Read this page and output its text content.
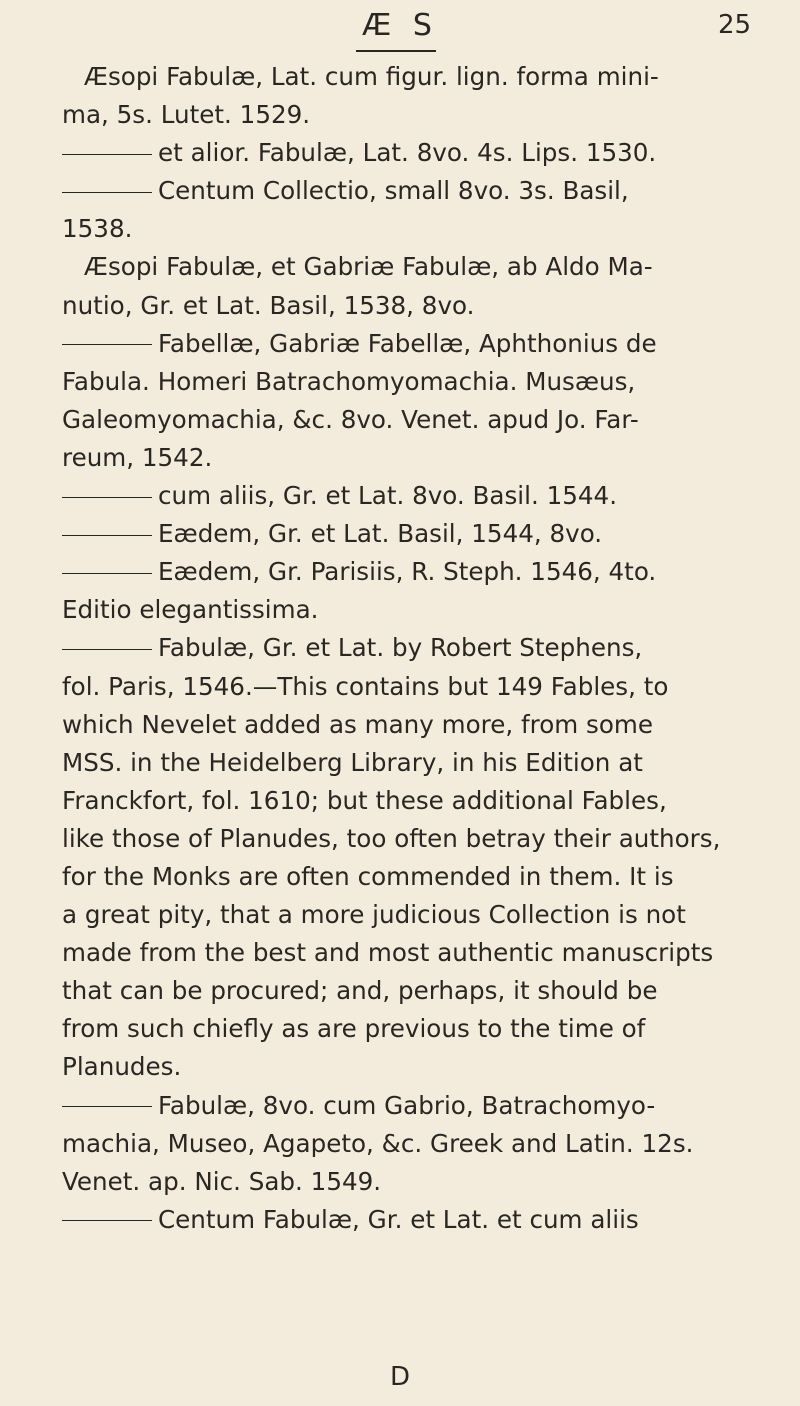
Æ S	25
Æsopi Fabulæ, Lat. cum figur. lign. forma mini-
ma, 5s. Lutet. 1529.
et alior. Fabulæ, Lat. 8vo. 4s. Lips. 1530.
Centum Collectio, small 8vo. 3s. Basil,
1538.
Æsopi Fabulæ, et Gabriæ Fabulæ, ab Aldo Ma-
nutio, Gr. et Lat. Basil, 1538, 8vo.
Fabellæ, Gabriæ Fabellæ, Aphthonius de
Fabula. Homeri Batrachomyomachia. Musæus,
Galeomyomachia, &c. 8vo. Venet. apud Jo. Far-
reum, 1542.
cum aliis, Gr. et Lat. 8vo. Basil. 1544.
Eædem, Gr. et Lat. Basil, 1544, 8vo.
Eædem, Gr. Parisiis, R. Steph. 1546, 4to.
Editio elegantissima.
Fabulæ, Gr. et Lat. by Robert Stephens,
fol. Paris, 1546.—This contains but 149 Fables, to
which Nevelet added as many more, from some
MSS. in the Heidelberg Library, in his Edition at
Franckfort, fol. 1610; but these additional Fables,
like those of Planudes, too often betray their authors,
for the Monks are often commended in them. It is
a great pity, that a more judicious Collection is not
made from the best and most authentic manuscripts
that can be procured; and, perhaps, it should be
from such chiefly as are previous to the time of
Planudes.
Fabulæ, 8vo. cum Gabrio, Batrachomyo-
machia, Museo, Agapeto, &c. Greek and Latin. 12s.
Venet. ap. Nic. Sab. 1549.
Centum Fabulæ, Gr. et Lat. et cum aliis
D
